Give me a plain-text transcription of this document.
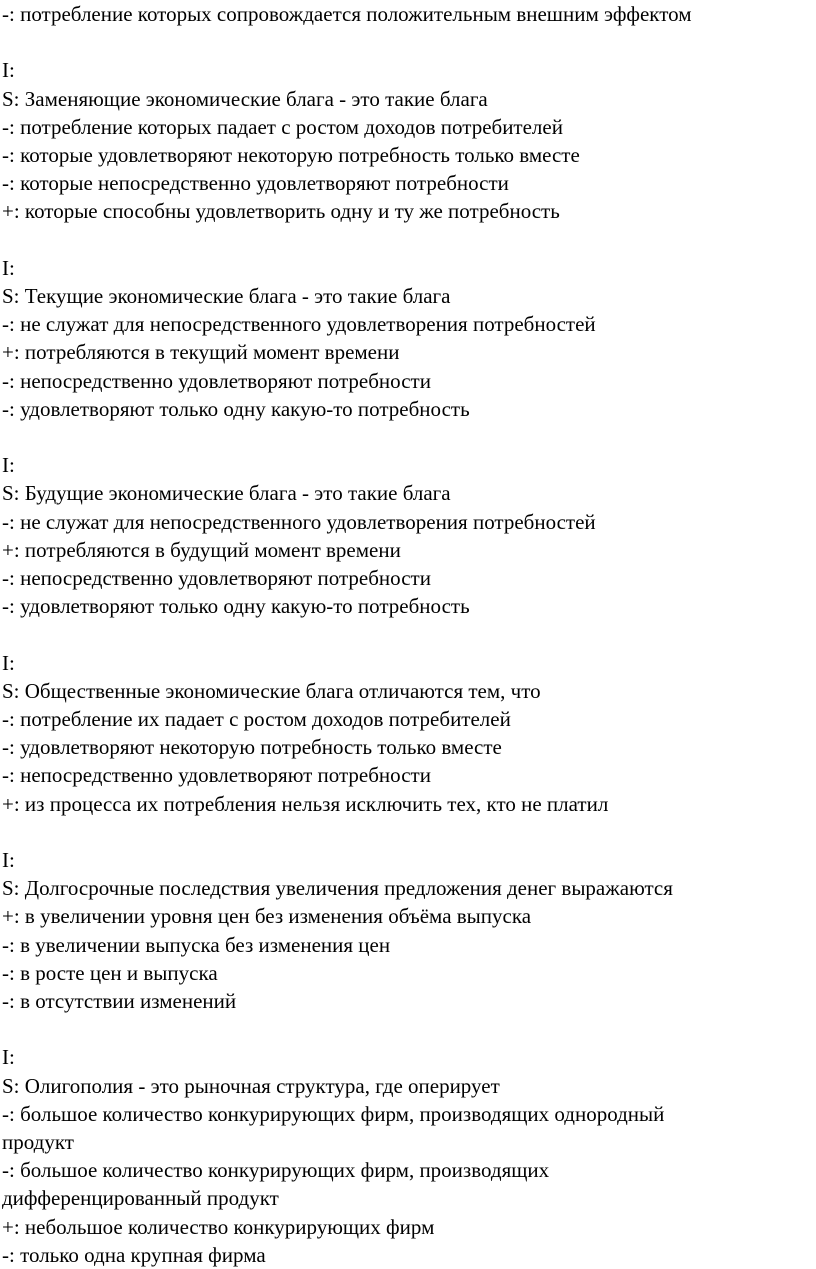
-: потребление которых сопровождается положительным внешним эффектом
I:
S: Заменяющие экономические блага - это такие блага
-: потребление которых падает с ростом доходов потребителей
-: которые удовлетворяют некоторую потребность только вместе
-: которые непосредственно удовлетворяют потребности
+: которые способны удовлетворить одну и ту же потребность
I:
S: Текущие экономические блага - это такие блага
-: не служат для непосредственного удовлетворения потребностей
+: потребляются в текущий момент времени
-: непосредственно удовлетворяют потребности
-: удовлетворяют только одну какую-то потребность
I:
S: Будущие экономические блага - это такие блага
-: не служат для непосредственного удовлетворения потребностей
+: потребляются в будущий момент времени
-: непосредственно удовлетворяют потребности
-: удовлетворяют только одну какую-то потребность
I:
S: Общественные экономические блага отличаются тем, что
-: потребление их падает с ростом доходов потребителей
-: удовлетворяют некоторую потребность только вместе
-: непосредственно удовлетворяют потребности
+: из процесса их потребления нельзя исключить тех, кто не платил
I:
S: Долгосрочные последствия увеличения предложения денег выражаются
+: в увеличении уровня цен без изменения объёма выпуска
-: в увеличении выпуска без изменения цен
-: в росте цен и выпуска
-: в отсутствии изменений
I:
S: Олигополия - это рыночная структура, где оперирует
-: большое количество конкурирующих фирм, производящих однородный
продукт
-: большое количество конкурирующих фирм, производящих
дифференцированный продукт
+: небольшое количество конкурирующих фирм
-: только одна крупная фирма
